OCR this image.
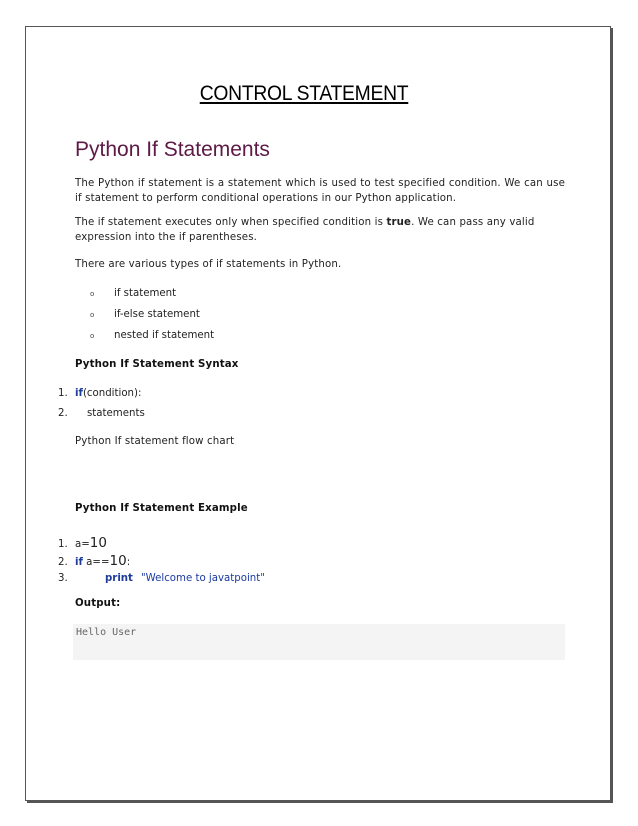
CONTROL STATEMENT
Python If Statements
The Python if statement is a statement which is used to test specified condition. We can use
if statement to perform conditional operations in our Python application.
The if statement executes only when specified condition is true. We can pass any valid
expression into the if parentheses.
There are various types of if statements in Python.
o if statement
o if-else statement
o nested if statement
Python If Statement Syntax
1. if(condition):
2. statements
Python If statement flow chart
Python If Statement Example
1. a=10
2. if a==10:
3.	print "Welcome to javatpoint"
Output:
Hello User
